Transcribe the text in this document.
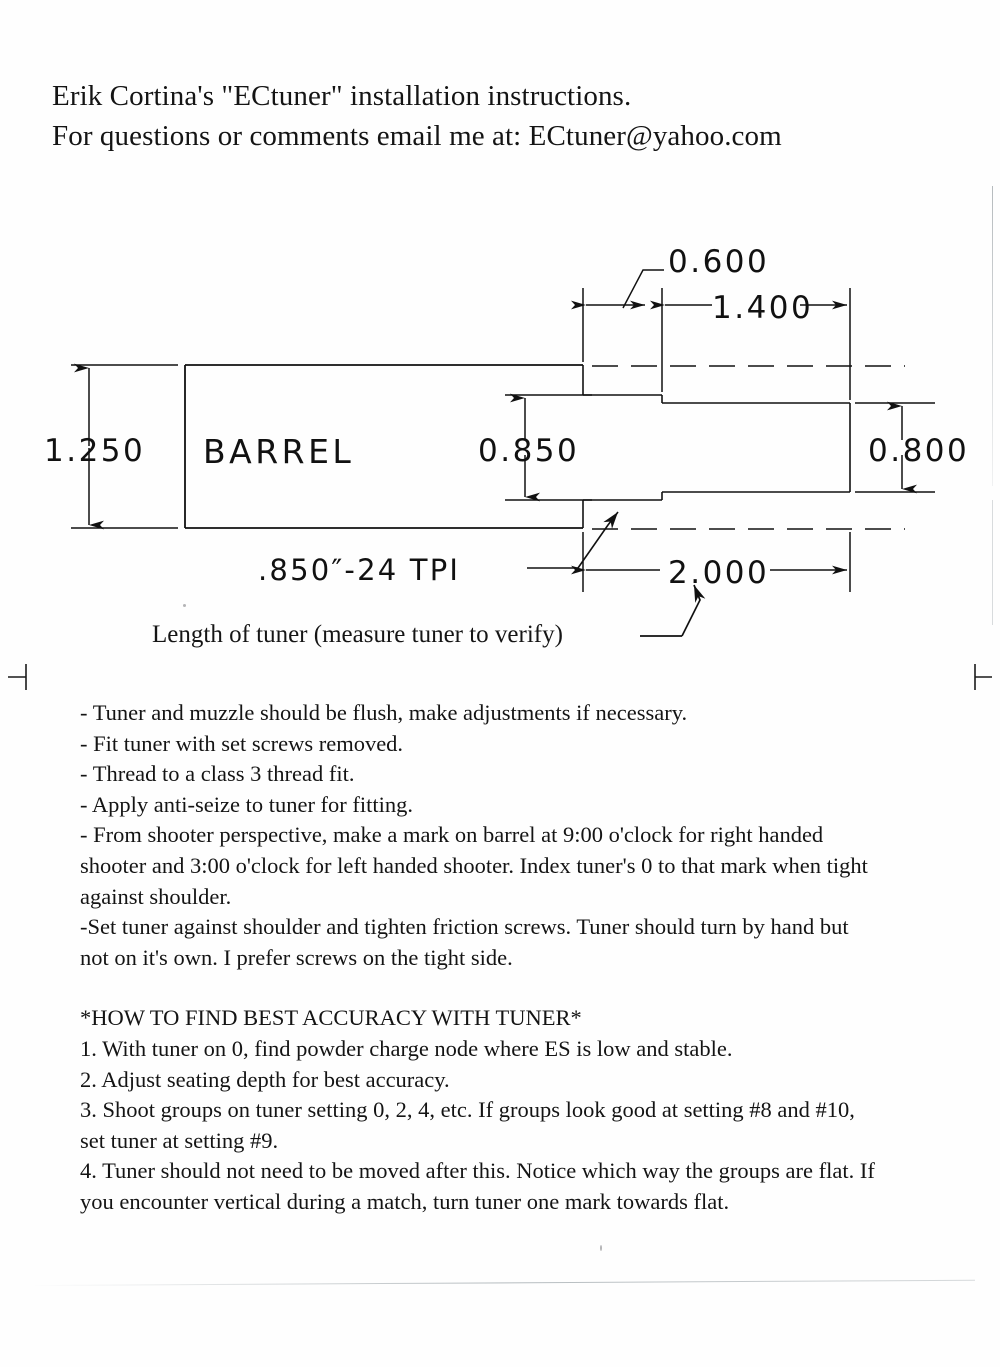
Erik Cortina's "ECtuner" installation instructions.
For questions or comments email me at: ECtuner@yahoo.com
1.250 BARREL	0.850	0.800
0.600
1.400
2.000
.850″-24 TPI
Length of tuner (measure tuner to verify)

- Tuner and muzzle should be flush, make adjustments if necessary.

- Fit tuner with set screws removed.

- Thread to a class 3 thread fit.

- Apply anti-seize to tuner for fitting.

- From shooter perspective, make a mark on barrel at 9:00 o'clock for right handed shooter and 3:00 o'clock for left handed shooter. Index tuner's 0 to that mark when tight against shoulder.

-Set tuner against shoulder and tighten friction screws. Tuner should turn by hand but not on it's own. I prefer screws on the tight side.

*HOW TO FIND BEST ACCURACY WITH TUNER*

1. With tuner on 0, find powder charge node where ES is low and stable.

2. Adjust seating depth for best accuracy.

3. Shoot groups on tuner setting 0, 2, 4, etc. If groups look good at setting #8 and #10, set tuner at setting #9.

4. Tuner should not need to be moved after this. Notice which way the groups are flat. If you encounter vertical during a match, turn tuner one mark towards flat.
